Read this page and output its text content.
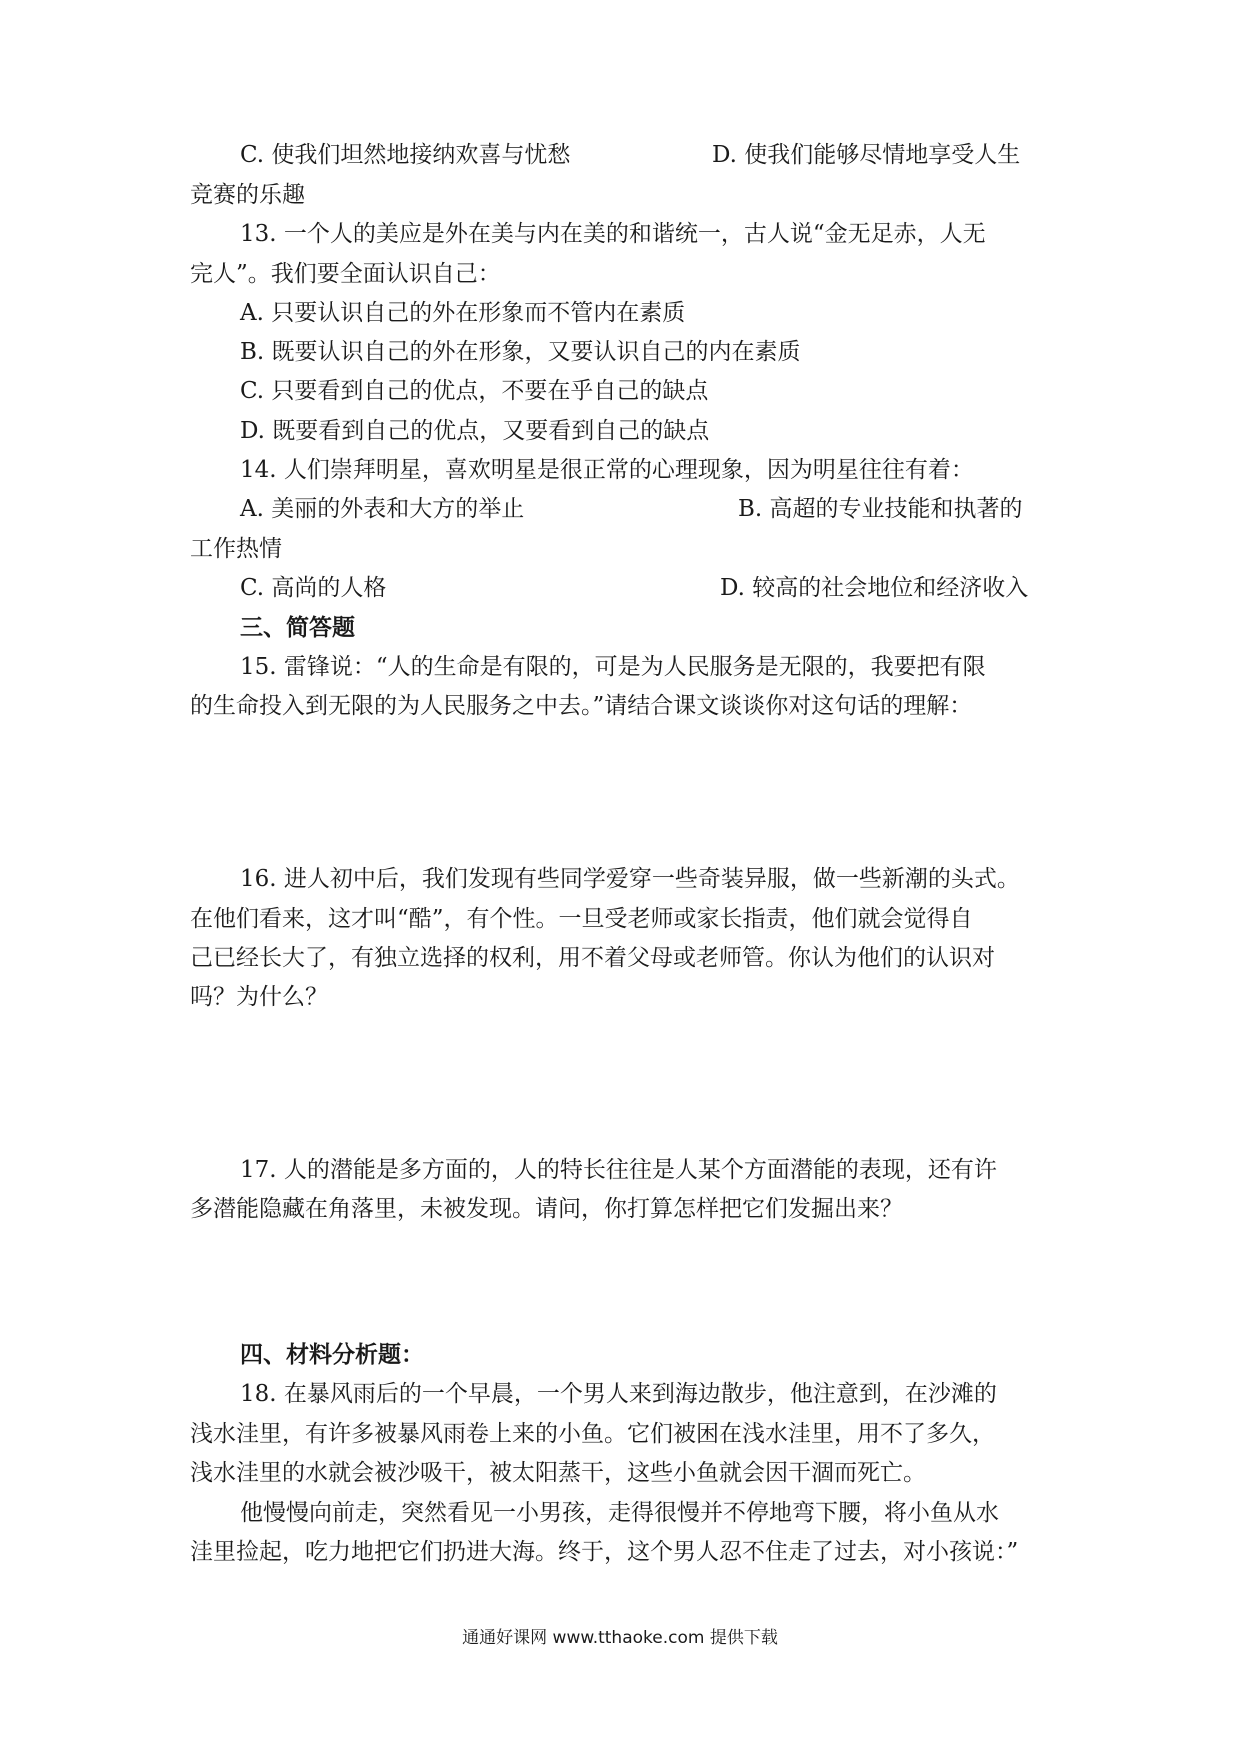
C. 使我们坦然地接纳欢喜与忧愁	D. 使我们能够尽情地享受人生
竞赛的乐趣
13. 一个人的美应是外在美与内在美的和谐统一，古人说“金无足赤，人无
完人”。我们要全面认识自己：
A. 只要认识自己的外在形象而不管内在素质
B. 既要认识自己的外在形象，又要认识自己的内在素质
C. 只要看到自己的优点，不要在乎自己的缺点
D. 既要看到自己的优点，又要看到自己的缺点
14. 人们崇拜明星，喜欢明星是很正常的心理现象，因为明星往往有着：
A. 美丽的外表和大方的举止	B. 高超的专业技能和执著的
工作热情
C. 高尚的人格	D. 较高的社会地位和经济收入
三、简答题
15. 雷锋说：“人的生命是有限的，可是为人民服务是无限的，我要把有限
的生命投入到无限的为人民服务之中去。”请结合课文谈谈你对这句话的理解：
16. 进人初中后，我们发现有些同学爱穿一些奇装异服，做一些新潮的头式。
在他们看来，这才叫“酷”，有个性。一旦受老师或家长指责，他们就会觉得自
己已经长大了，有独立选择的权利，用不着父母或老师管。你认为他们的认识对
吗？为什么？
17. 人的潜能是多方面的，人的特长往往是人某个方面潜能的表现，还有许
多潜能隐藏在角落里，未被发现。请问，你打算怎样把它们发掘出来？
四、材料分析题：
18. 在暴风雨后的一个早晨，一个男人来到海边散步，他注意到，在沙滩的
浅水洼里，有许多被暴风雨卷上来的小鱼。它们被困在浅水洼里，用不了多久，
浅水洼里的水就会被沙吸干，被太阳蒸干，这些小鱼就会因干涸而死亡。
他慢慢向前走，突然看见一小男孩，走得很慢并不停地弯下腰，将小鱼从水
洼里捡起，吃力地把它们扔进大海。终于，这个男人忍不住走了过去，对小孩说：”
通通好课网 www.tthaoke.com 提供下载
